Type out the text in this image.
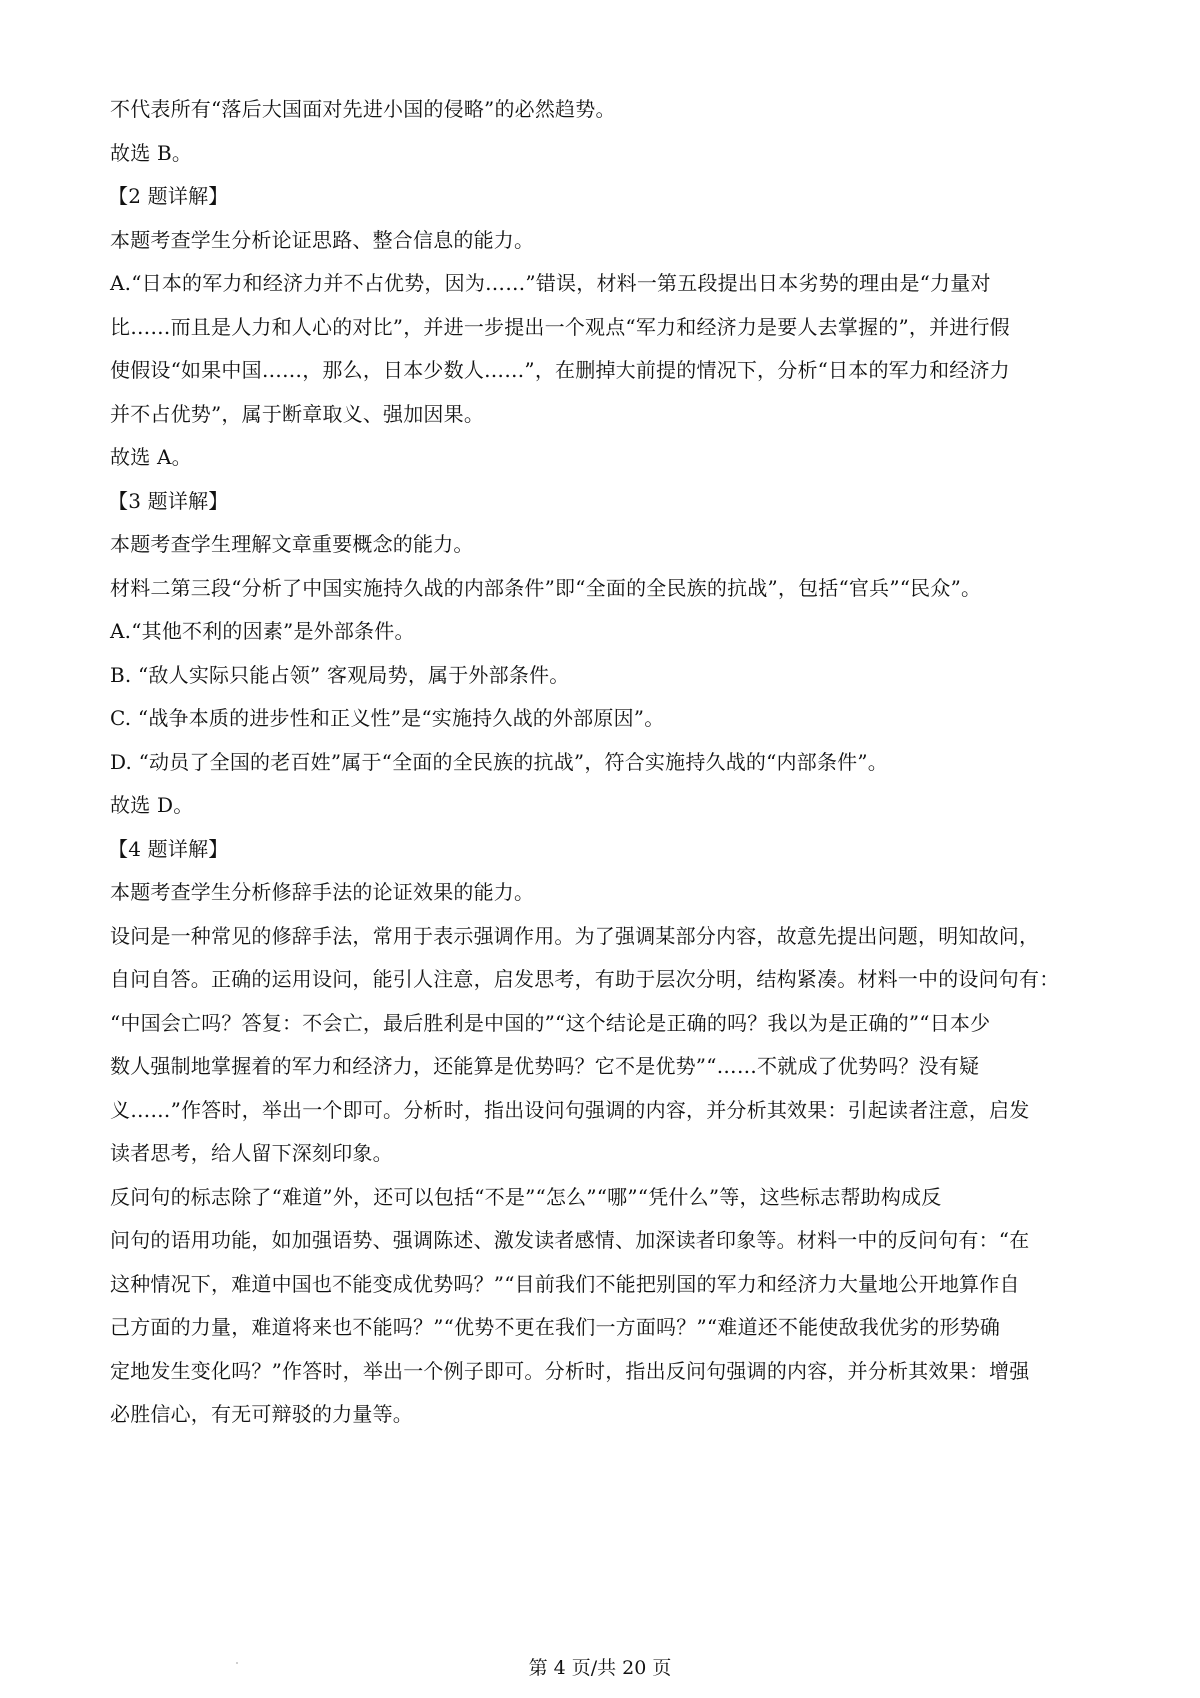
不代表所有“落后大国面对先进小国的侵略”的必然趋势。
故选 B。
【2 题详解】
本题考查学生分析论证思路、整合信息的能力。
A.“日本的军力和经济力并不占优势，因为……”错误，材料一第五段提出日本劣势的理由是“力量对
比……而且是人力和人心的对比”，并进一步提出一个观点“军力和经济力是要人去掌握的”，并进行假
使假设“如果中国……，那么，日本少数人……”，在删掉大前提的情况下，分析“日本的军力和经济力
并不占优势”，属于断章取义、强加因果。
故选 A。
【3 题详解】
本题考查学生理解文章重要概念的能力。
材料二第三段“分析了中国实施持久战的内部条件”即“全面的全民族的抗战”，包括“官兵”“民众”。
A.“其他不利的因素”是外部条件。
B. “敌人实际只能占领” 客观局势，属于外部条件。
C. “战争本质的进步性和正义性”是“实施持久战的外部原因”。
D. “动员了全国的老百姓”属于“全面的全民族的抗战”，符合实施持久战的“内部条件”。
故选 D。
【4 题详解】
本题考查学生分析修辞手法的论证效果的能力。
设问是一种常见的修辞手法，常用于表示强调作用。为了强调某部分内容，故意先提出问题，明知故问，
自问自答。正确的运用设问，能引人注意，启发思考，有助于层次分明，结构紧凑。材料一中的设问句有：
“中国会亡吗？答复：不会亡，最后胜利是中国的”“这个结论是正确的吗？我以为是正确的”“日本少
数人强制地掌握着的军力和经济力，还能算是优势吗？它不是优势”“……不就成了优势吗？没有疑
义……”作答时，举出一个即可。分析时，指出设问句强调的内容，并分析其效果：引起读者注意，启发
读者思考，给人留下深刻印象。
反问句的标志除了“难道”外，还可以包括“不是”“怎么”“哪”“凭什么”等，这些标志帮助构成反
问句的语用功能，如加强语势、强调陈述、激发读者感情、加深读者印象等。材料一中的反问句有：“在
这种情况下，难道中国也不能变成优势吗？”“目前我们不能把别国的军力和经济力大量地公开地算作自
己方面的力量，难道将来也不能吗？”“优势不更在我们一方面吗？”“难道还不能使敌我优劣的形势确
定地发生变化吗？”作答时，举出一个例子即可。分析时，指出反问句强调的内容，并分析其效果：增强
必胜信心，有无可辩驳的力量等。
第 4 页/共 20 页
